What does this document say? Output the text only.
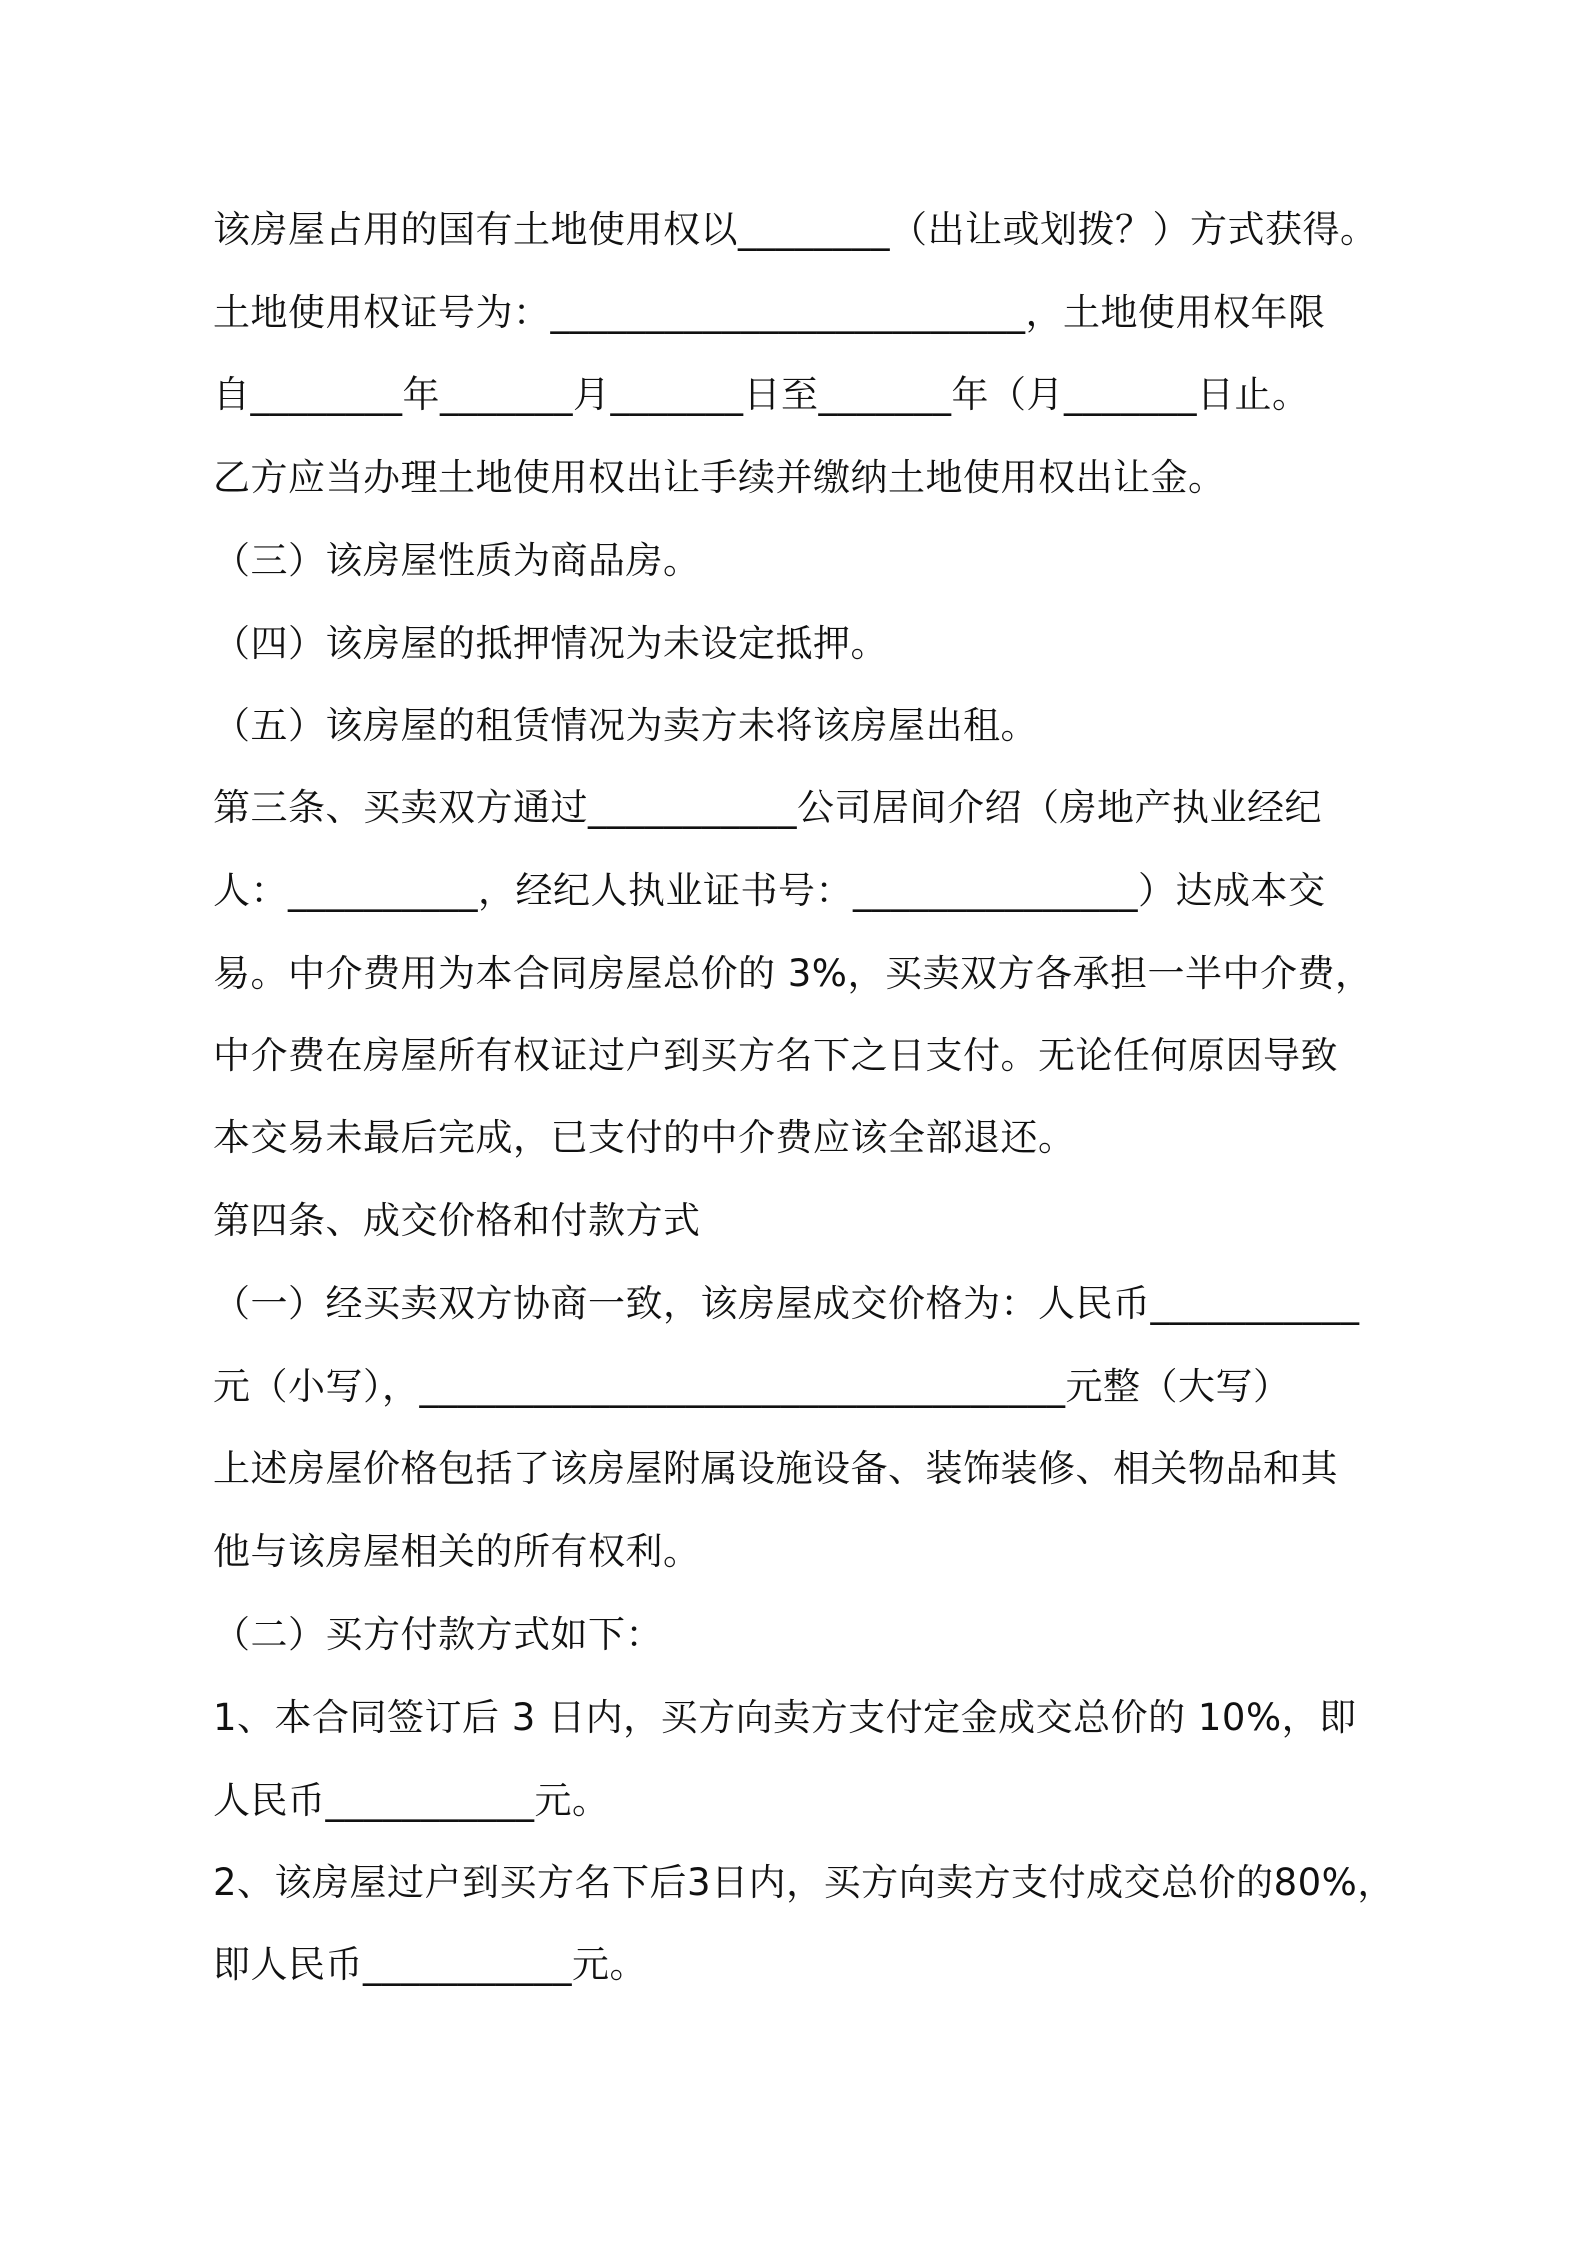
该房屋占用的国有土地使用权以________（出让或划拨？）方式获得。
土地使用权证号为：_________________________，土地使用权年限
自________年_______月_______日至_______年（月_______日止。
乙方应当办理土地使用权出让手续并缴纳土地使用权出让金。
（三）该房屋性质为商品房。
（四）该房屋的抵押情况为未设定抵押。
（五）该房屋的租赁情况为卖方未将该房屋出租。
第三条、买卖双方通过___________公司居间介绍（房地产执业经纪
人：__________，经纪人执业证书号：_______________）达成本交
易。中介费用为本合同房屋总价的 3%，买卖双方各承担一半中介费，
中介费在房屋所有权证过户到买方名下之日支付。无论任何原因导致
本交易未最后完成，已支付的中介费应该全部退还。
第四条、成交价格和付款方式
（一）经买卖双方协商一致，该房屋成交价格为：人民币___________
元（小写），__________________________________元整（大写）
上述房屋价格包括了该房屋附属设施设备、装饰装修、相关物品和其
他与该房屋相关的所有权利。
（二）买方付款方式如下：
1、本合同签订后 3 日内，买方向卖方支付定金成交总价的 10%，即
人民币___________元。
2、该房屋过户到买方名下后3日内，买方向卖方支付成交总价的80%，
即人民币___________元。
